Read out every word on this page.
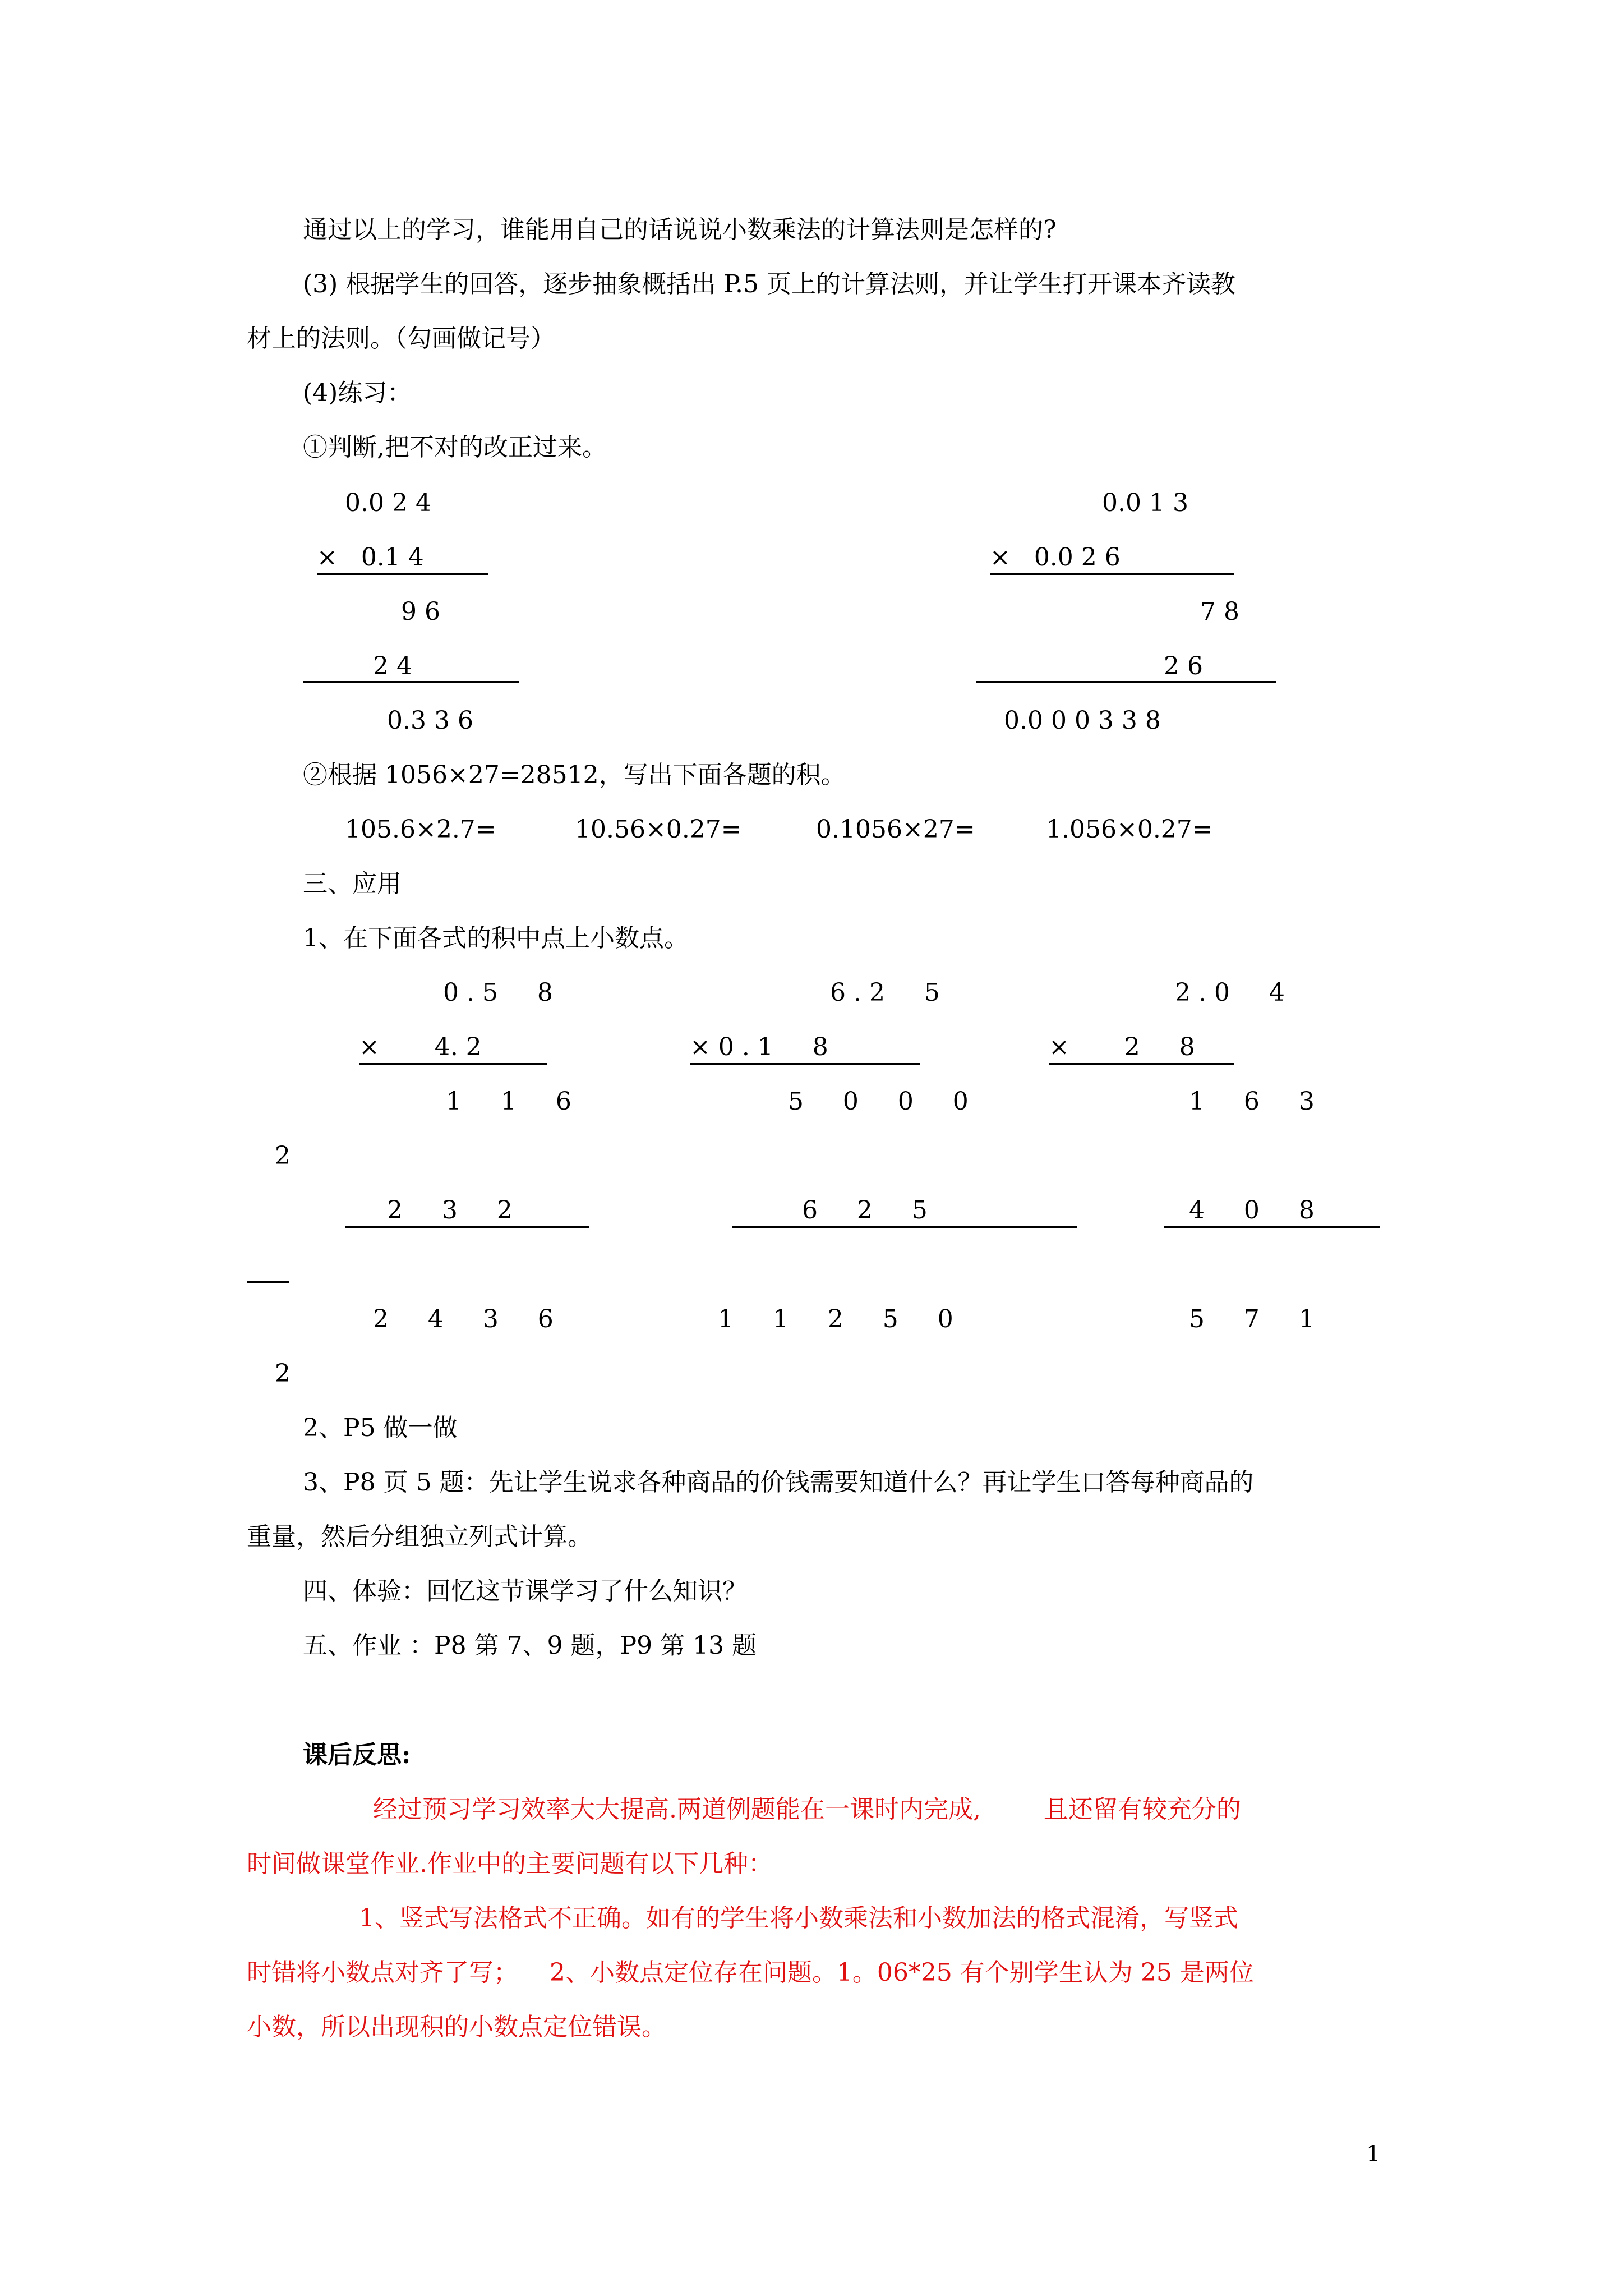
通过以上的学习，谁能用自己的话说说小数乘法的计算法则是怎样的?
(3) 根据学生的回答，逐步抽象概括出 P.5 页上的计算法则，并让学生打开课本齐读教
材上的法则。（勾画做记号）
(4)练习：
①判断,把不对的改正过来。
0.0 2 4
×   0.1 4
9 6
2 4
0.3 3 6
0.0 1 3
×   0.0 2 6
7 8
2 6
0.0 0 0 3 3 8
②根据 1056×27=28512，写出下面各题的积。
105.6×2.7=	10.56×0.27=	0.1056×27=	1.056×0.27=
三、应用
1、在下面各式的积中点上小数点。
0 . 5     8
×       4. 2
1     1     6
2     3     2
2     4     3     6
6 . 2     5
× 0 . 1     8
5     0     0     0
6     2     5
1     1     2     5     0
2 . 0     4
×       2     8
1     6     3
4     0     8
5     7     1
2
2
2、P5 做一做
3、P8 页 5 题：先让学生说求各种商品的价钱需要知道什么？再让学生口答每种商品的
重量，然后分组独立列式计算。
四、体验：回忆这节课学习了什么知识？
五、作业 ：P8 第 7、9 题，P9 第 13 题
课后反思:
经过预习学习效率大大提高.两道例题能在一课时内完成,        且还留有较充分的
时间做课堂作业.作业中的主要问题有以下几种：
1、竖式写法格式不正确。如有的学生将小数乘法和小数加法的格式混淆，写竖式
时错将小数点对齐了写；    2、小数点定位存在问题。1。06*25 有个别学生认为 25 是两位
小数，所以出现积的小数点定位错误。
1
